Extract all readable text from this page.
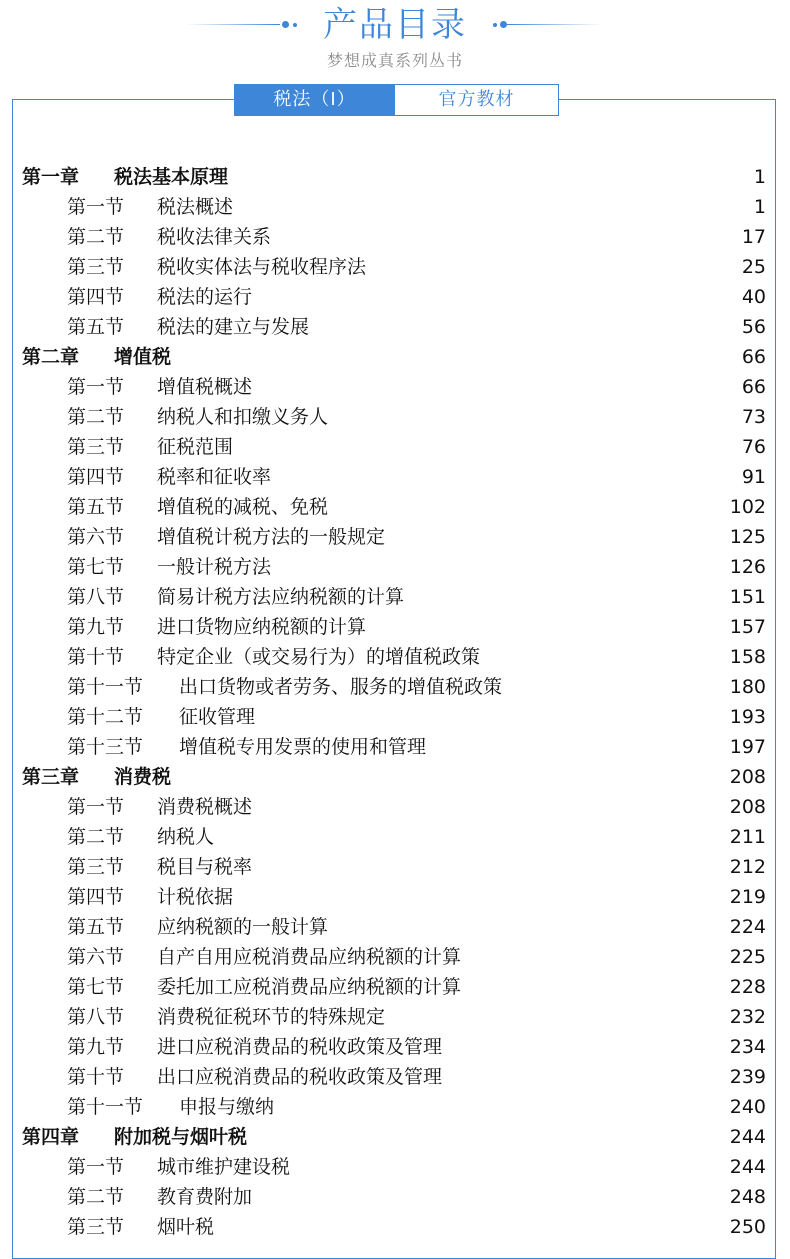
产品目录
梦想成真系列丛书
税法（Ⅰ）	官方教材
第一章	税法基本原理	1
第一节	税法概述	1
第二节	税收法律关系	17
第三节	税收实体法与税收程序法	25
第四节	税法的运行	40
第五节	税法的建立与发展	56
第二章	增值税	66
第一节	增值税概述	66
第二节	纳税人和扣缴义务人	73
第三节	征税范围	76
第四节	税率和征收率	91
第五节	增值税的减税、免税	102
第六节	增值税计税方法的一般规定	125
第七节	一般计税方法	126
第八节	简易计税方法应纳税额的计算	151
第九节	进口货物应纳税额的计算	157
第十节	特定企业（或交易行为）的增值税政策	158
第十一节	出口货物或者劳务、服务的增值税政策	180
第十二节	征收管理	193
第十三节	增值税专用发票的使用和管理	197
第三章	消费税	208
第一节	消费税概述	208
第二节	纳税人	211
第三节	税目与税率	212
第四节	计税依据	219
第五节	应纳税额的一般计算	224
第六节	自产自用应税消费品应纳税额的计算	225
第七节	委托加工应税消费品应纳税额的计算	228
第八节	消费税征税环节的特殊规定	232
第九节	进口应税消费品的税收政策及管理	234
第十节	出口应税消费品的税收政策及管理	239
第十一节	申报与缴纳	240
第四章	附加税与烟叶税	244
第一节	城市维护建设税	244
第二节	教育费附加	248
第三节	烟叶税	250
